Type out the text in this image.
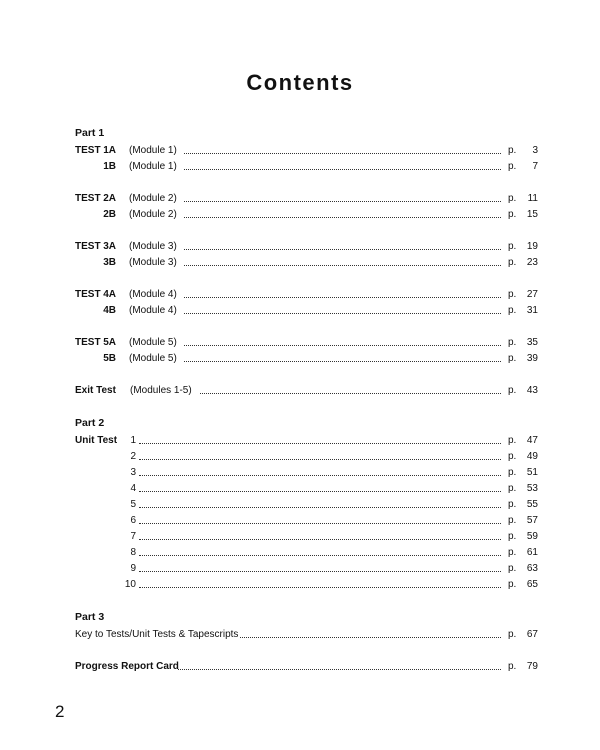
Contents
Part 1
TEST 1A (Module 1)	p.	3
1B (Module 1)	p.	7
TEST 2A (Module 2)	p.	11
2B (Module 2)	p.	15
TEST 3A (Module 3)	p.	19
3B (Module 3)	p.	23
TEST 4A (Module 4)	p.	27
4B (Module 4)	p.	31
TEST 5A (Module 5)	p.	35
5B (Module 5)	p.	39
Exit Test (Modules 1-5)	p.	43
Part 2
Unit Test	1	p.	47
2	p.	49
3	p.	51
4	p.	53
5	p.	55
6	p.	57
7	p.	59
8	p.	61
9	p.	63
10	p.	65
Part 3
Key to Tests/Unit Tests & Tapescripts	p.	67
Progress Report Card	p.	79
2
